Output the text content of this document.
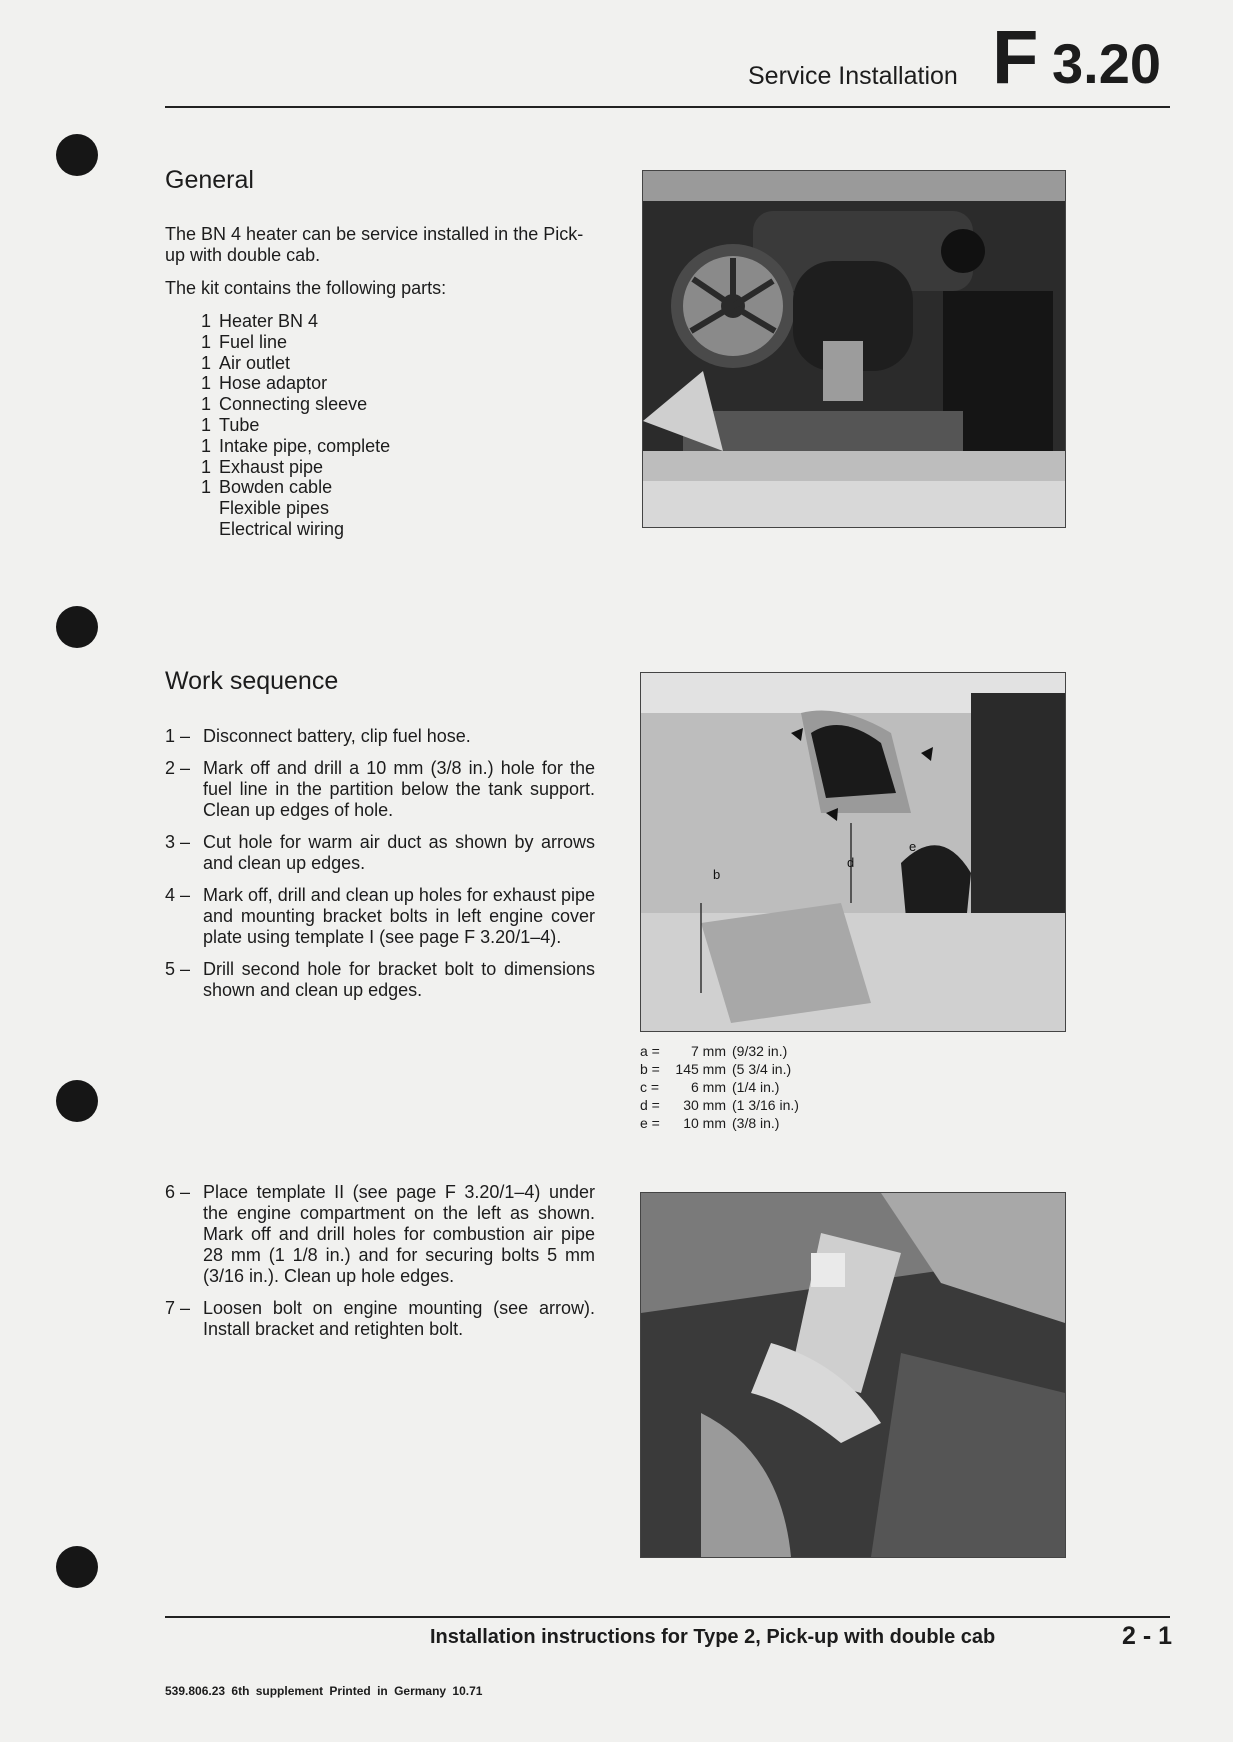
Service Installation F 3.20
General

The BN 4 heater can be service installed in the Pick-up with double cab.

The kit contains the following parts:

1 Heater BN 4
1 Fuel line
1 Air outlet
1 Hose adaptor
1 Connecting sleeve
1 Tube
1 Intake pipe, complete
1 Exhaust pipe
1 Bowden cable
Flexible pipes
Electrical wiring
Work sequence
1 – Disconnect battery, clip fuel hose.
2 – Mark off and drill a 10 mm (3/8 in.) hole for the fuel line in the partition below the tank support. Clean up edges of hole.
3 – Cut hole for warm air duct as shown by arrows and clean up edges.
4 – Mark off, drill and clean up holes for exhaust pipe and mounting bracket bolts in left engine cover plate using template I (see page F 3.20/1–4).
5 – Drill second hole for bracket bolt to dimensions shown and clean up edges.
b
d
e
a =	7 mm (9/32 in.)
b =	145 mm (5 3/4 in.)
c =	6 mm (1/4 in.)
d =	30 mm (1 3/16 in.)
e =	10 mm (3/8 in.)
6 – Place template II (see page F 3.20/1–4) under the engine compartment on the left as shown. Mark off and drill holes for combustion air pipe 28 mm (1 1/8 in.) and for securing bolts 5 mm (3/16 in.). Clean up hole edges.
7 – Loosen bolt on engine mounting (see arrow). Install bracket and retighten bolt.
Installation instructions for Type 2, Pick-up with double cab	2 - 1
539.806.23 6th supplement Printed in Germany 10.71
